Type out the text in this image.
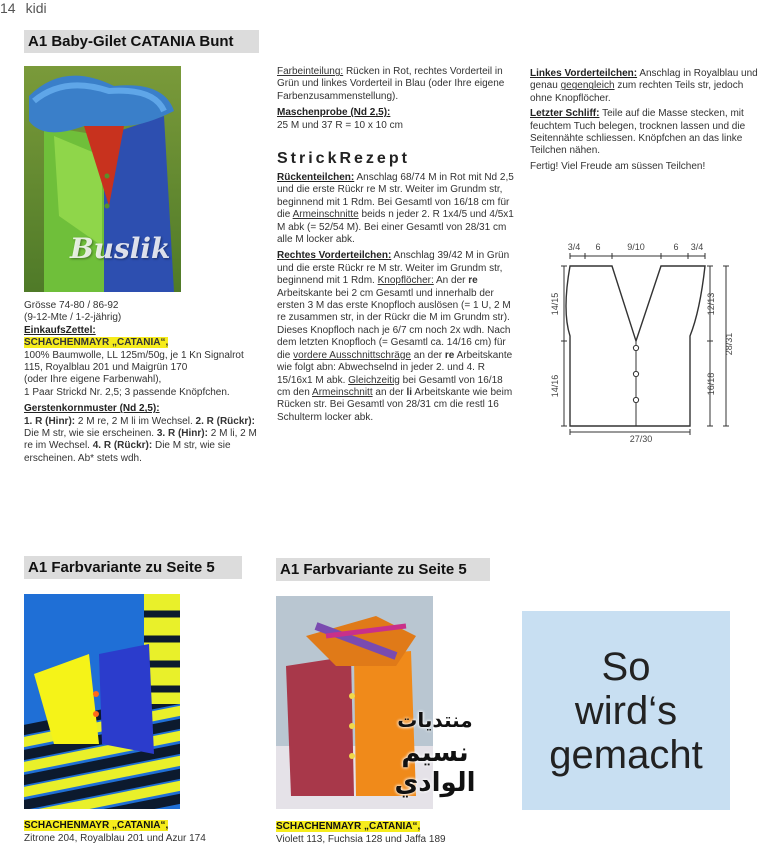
14 kidi
A1 Baby-Gilet CATANIA Bunt
Buslik

Grösse 74-80 / 86-92
(9-12-Mte / 1-2-jährig)

EinkaufsZettel:
SCHACHENMAYR „CATANIA“,
100% Baumwolle, LL 125m/50g, je 1 Kn Signalrot 115, Royalblau 201 und Maigrün 170
(oder Ihre eigene Farbenwahl),
1 Paar Strickd Nr. 2,5; 3 passende Knöpfchen.

Gerstenkornmuster (Nd 2,5):
1. R (Hinr): 2 M re, 2 M li im Wechsel. 2. R (Rückr): Die M str, wie sie erscheinen. 3. R (Hinr): 2 M li, 2 M re im Wechsel. 4. R (Rückr): Die M str, wie sie erscheinen. Ab* stets wdh.

Farbeinteilung: Rücken in Rot, rechtes Vorderteil in Grün und linkes Vorderteil in Blau (oder Ihre eigene Farbenzusammenstellung).

Maschenprobe (Nd 2,5):
25 M und 37 R = 10 x 10 cm

StrickRezept

Rückenteilchen: Anschlag 68/74 M in Rot mit Nd 2,5 und die erste Rückr re M str. Weiter im Grundm str, beginnend mit 1 Rdm. Bei Gesamtl von 16/18 cm für die Armeinschnitte beids n jeder 2. R 1x4/5 und 4/5x1 M abk (= 52/54 M). Bei einer Gesamtl von 28/31 cm alle M locker abk.

Rechtes Vorderteilchen: Anschlag 39/42 M in Grün und die erste Rückr re M str. Weiter im Grundm str, beginnend mit 1 Rdm. Knopflöcher: An der re Arbeitskante bei 2 cm Gesamtl und innerhalb der ersten 3 M das erste Knopfloch auslösen (= 1 U, 2 M re zusammen str, in der Rückr die M im Grundm str). Dieses Knopfloch nach je 6/7 cm noch 2x wdh. Nach dem letzten Knopfloch (= Gesamtl ca. 14/16 cm) für die vordere Ausschnittschräge an der re Arbeitskante wie folgt abn: Abwechselnd in jeder 2. und 4. R 15/16x1 M abk. Gleichzeitig bei Gesamtl von 16/18 cm den Armeinschnitt an der li Arbeitskante wie beim Rücken str. Bei Gesamtl von 28/31 cm die restl 16 Schulterm locker abk.

Linkes Vorderteilchen: Anschlag in Royalblau und genau gegengleich zum rechten Teils str, jedoch ohne Knopflöcher.

Letzter Schliff: Teile auf die Masse stecken, mit feuchtem Tuch belegen, trocknen lassen und die Seitennähte schliessen. Knöpfchen an das linke Teilchen nähen.

Fertig! Viel Freude am süssen Teilchen!

3/4 6	9/10	6 3/4
27/30
14/15
14/16
12/13
16/18
28/31
A1 Farbvariante zu Seite 5
SCHACHENMAYR „CATANIA“,
Zitrone 204, Royalblau 201 und Azur 174
A1 Farbvariante zu Seite 5
منتديات
نسيم الوادي
SCHACHENMAYR „CATANIA“,
Violett 113, Fuchsia 128 und Jaffa 189
So
wird‘s
gemacht
